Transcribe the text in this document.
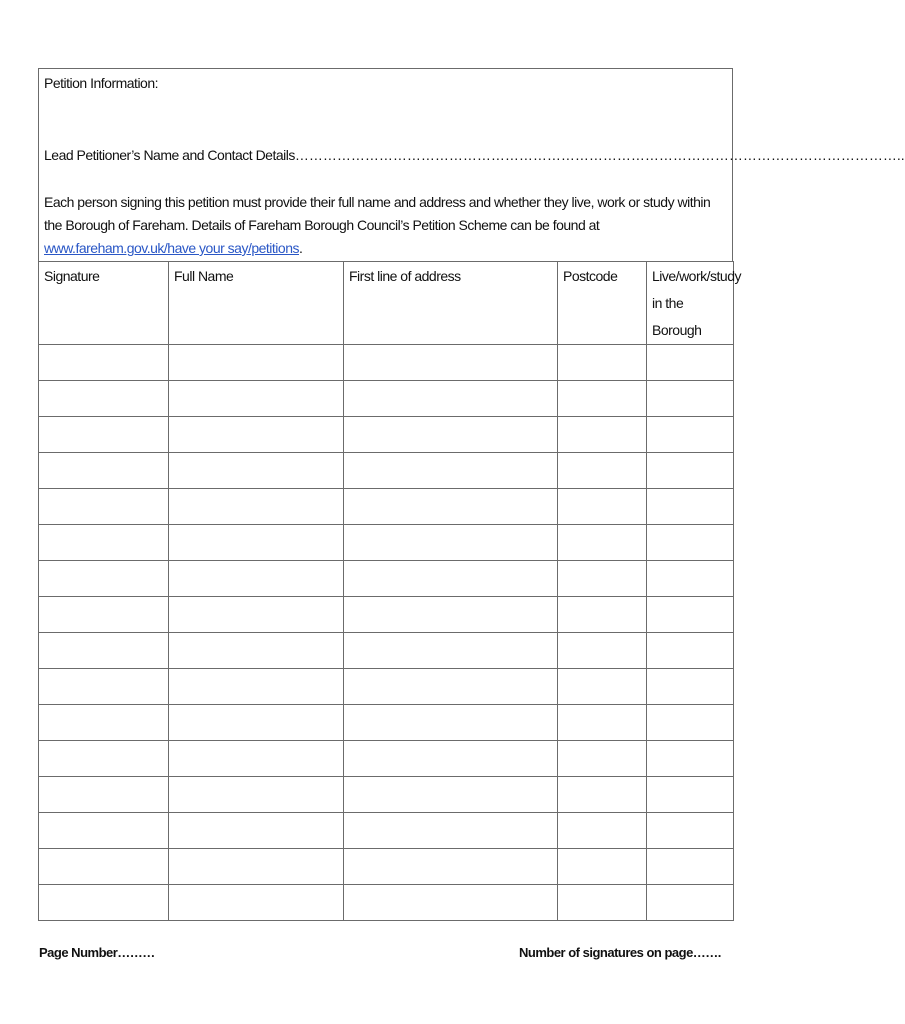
Petition Information:
Lead Petitioner’s Name and Contact Details…………………………………………………………………………………………………………………..
Each person signing this petition must provide their full name and address and whether they live, work or study within the Borough of Fareham. Details of Fareham Borough Council’s Petition Scheme can be found at www.fareham.gov.uk/have your say/petitions.
Signature	Full Name	First line of address	Postcode	Live/work/study in the Borough

Page Number………	Number of signatures on page…….
